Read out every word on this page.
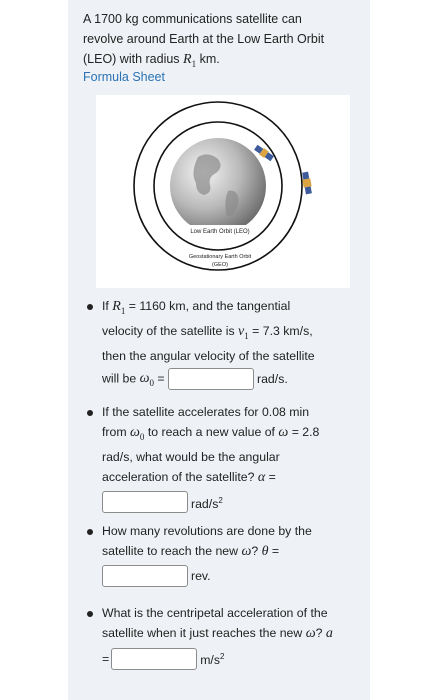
A 1700 kg communications satellite can
revolve around Earth at the Low Earth Orbit
(LEO) with radius $R_1$ km.
Formula Sheet
Low Earth Orbit (LEO)
Geostationary Earth Orbit
(GEO)
If $R_1 = 1160$ km, and the tangential
velocity of the satellite is $v_1 = 7.3$ km/s,
then the angular velocity of the satellite
will be $\omega_0$ =	rad/s.
If the satellite accelerates for 0.08 min
from $\omega_0$ to reach a new value of ω = 2.8
rad/s, what would be the angular
acceleration of the satellite? α =
rad/$s^2$
How many revolutions are done by the
satellite to reach the new ω? θ =
rev.
What is the centripetal acceleration of the
satellite when it just reaches the new ω? a
=	$m/s^2$
